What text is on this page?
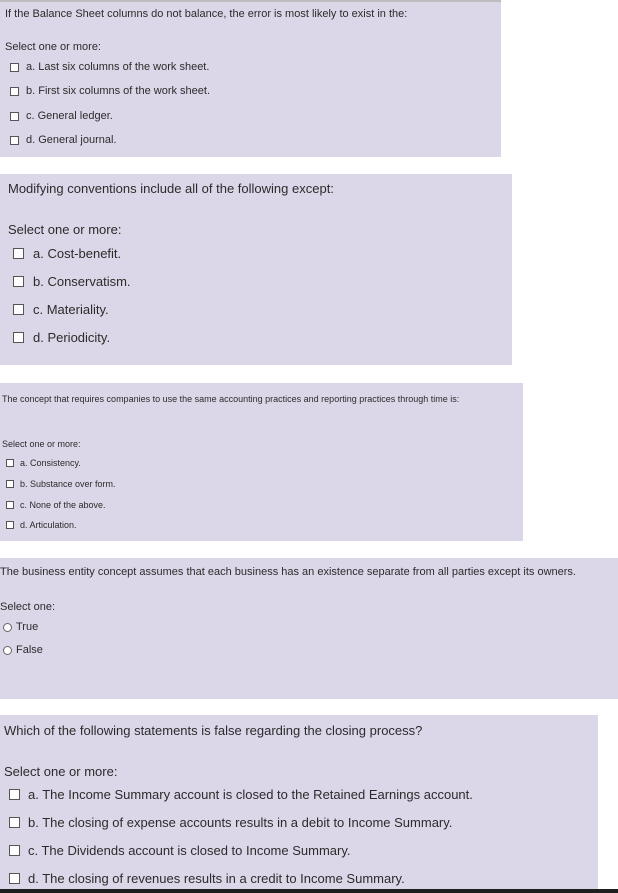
If the Balance Sheet columns do not balance, the error is most likely to exist in the:
Select one or more:
a. Last six columns of the work sheet.
b. First six columns of the work sheet.
c. General ledger.
d. General journal.
Modifying conventions include all of the following except:
Select one or more:
a. Cost-benefit.
b. Conservatism.
c. Materiality.
d. Periodicity.
The concept that requires companies to use the same accounting practices and reporting practices through time is:
Select one or more:
a. Consistency.
b. Substance over form.
c. None of the above.
d. Articulation.
The business entity concept assumes that each business has an existence separate from all parties except its owners.
Select one:
True
False
Which of the following statements is false regarding the closing process?
Select one or more:
a. The Income Summary account is closed to the Retained Earnings account.
b. The closing of expense accounts results in a debit to Income Summary.
c. The Dividends account is closed to Income Summary.
d. The closing of revenues results in a credit to Income Summary.
